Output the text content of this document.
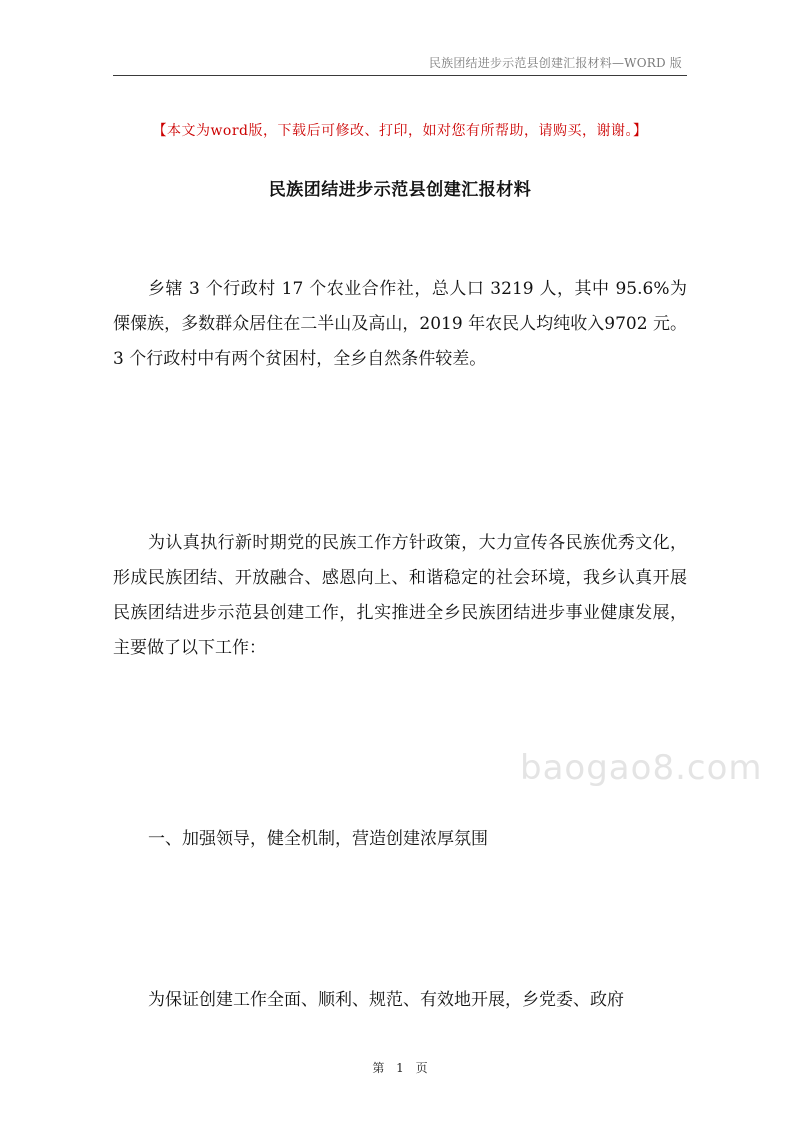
民族团结进步示范县创建汇报材料—WORD 版
【本文为word版，下载后可修改、打印，如对您有所帮助，请购买，谢谢。】
民族团结进步示范县创建汇报材料

乡辖 3 个行政村 17 个农业合作社，总人口 3219 人，其中 95.6%为傈僳族，多数群众居住在二半山及高山，2019 年农民人均纯收入9702 元。3 个行政村中有两个贫困村，全乡自然条件较差。

为认真执行新时期党的民族工作方针政策，大力宣传各民族优秀文化，形成民族团结、开放融合、感恩向上、和谐稳定的社会环境，我乡认真开展民族团结进步示范县创建工作，扎实推进全乡民族团结进步事业健康发展，主要做了以下工作：

baogao8.com

一、加强领导，健全机制，营造创建浓厚氛围

为保证创建工作全面、顺利、规范、有效地开展，乡党委、政府

第 1 页
